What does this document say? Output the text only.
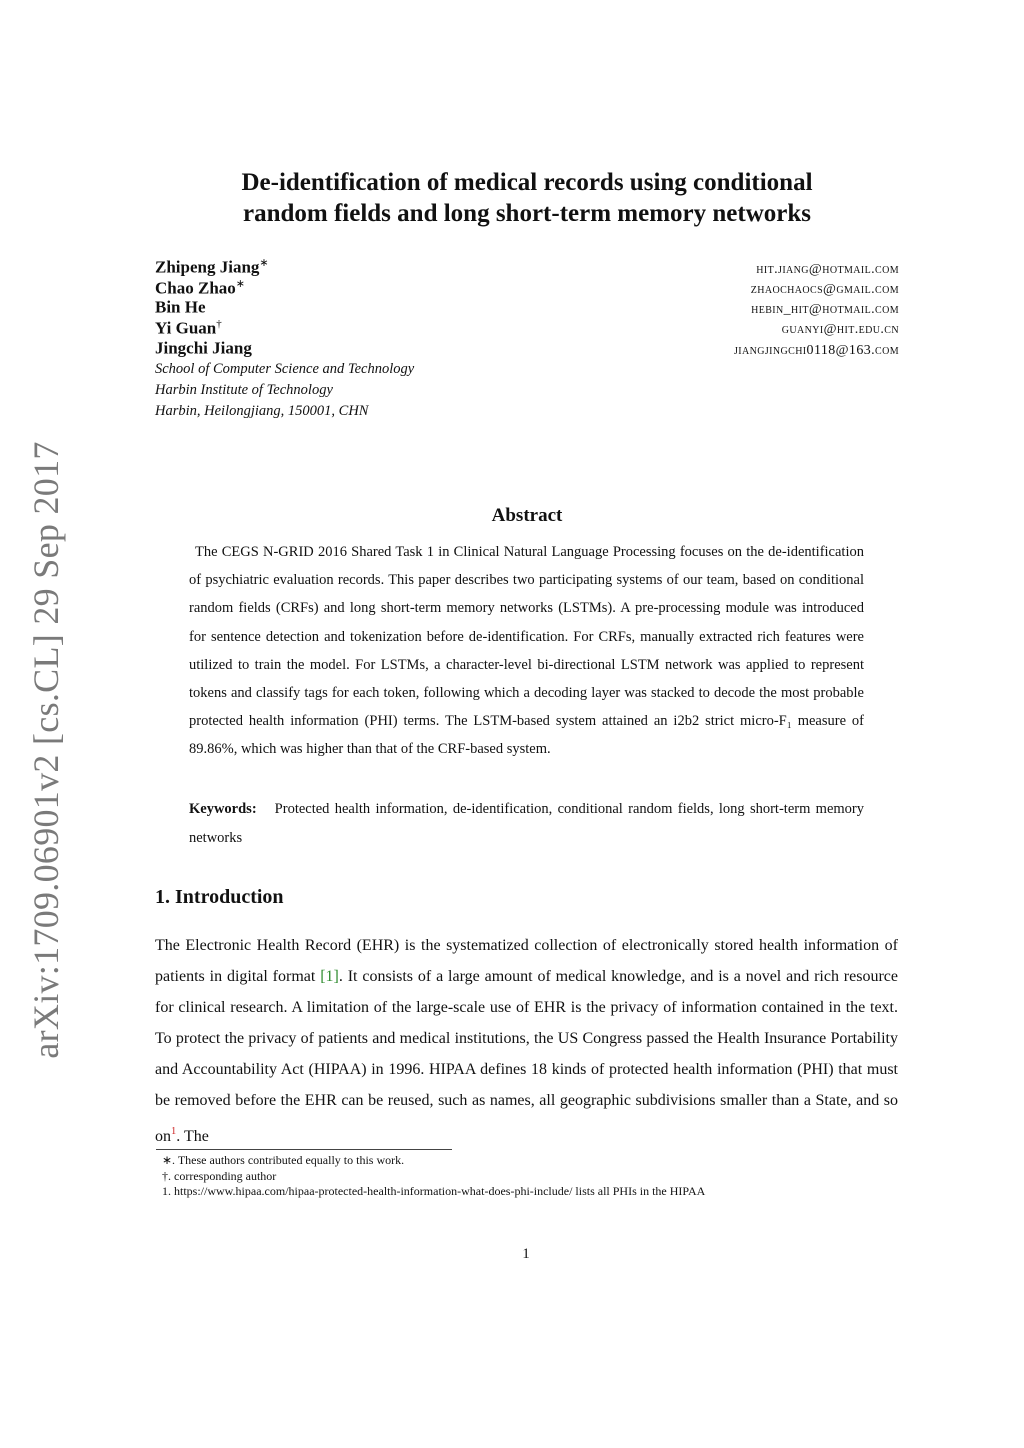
arXiv:1709.06901v2 [cs.CL] 29 Sep 2017
De-identification of medical records using conditional
random fields and long short-term memory networks
Zhipeng Jiang∗	hit.jiang@hotmail.com
Chao Zhao∗	zhaochaocs@gmail.com
Bin He	hebin_hit@hotmail.com
Yi Guan†	guanyi@hit.edu.cn
Jingchi Jiang	jiangjingchi0118@163.com
School of Computer Science and Technology
Harbin Institute of Technology
Harbin, Heilongjiang, 150001, CHN
Abstract
The CEGS N-GRID 2016 Shared Task 1 in Clinical Natural Language Processing focuses on the de-identification of psychiatric evaluation records. This paper describes two participating systems of our team, based on conditional random fields (CRFs) and long short-term memory networks (LSTMs). A pre-processing module was introduced for sentence detection and tokenization before de-identification. For CRFs, manually extracted rich features were utilized to train the model. For LSTMs, a character-level bi-directional LSTM network was applied to represent tokens and classify tags for each token, following which a decoding layer was stacked to decode the most probable protected health information (PHI) terms. The LSTM-based system attained an i2b2 strict micro-F₁ measure of 89.86%, which was higher than that of the CRF-based system.
Keywords: Protected health information, de-identification, conditional random fields, long short-term memory networks
1. Introduction
The Electronic Health Record (EHR) is the systematized collection of electronically stored health information of patients in digital format [1]. It consists of a large amount of medical knowledge, and is a novel and rich resource for clinical research. A limitation of the large-scale use of EHR is the privacy of information contained in the text. To protect the privacy of patients and medical institutions, the US Congress passed the Health Insurance Portability and Accountability Act (HIPAA) in 1996. HIPAA defines 18 kinds of protected health information (PHI) that must be removed before the EHR can be reused, such as names, all geographic subdivisions smaller than a State, and so on$^1$. The
∗. These authors contributed equally to this work.
†. corresponding author
1. https://www.hipaa.com/hipaa-protected-health-information-what-does-phi-include/ lists all PHIs in the HIPAA
1
